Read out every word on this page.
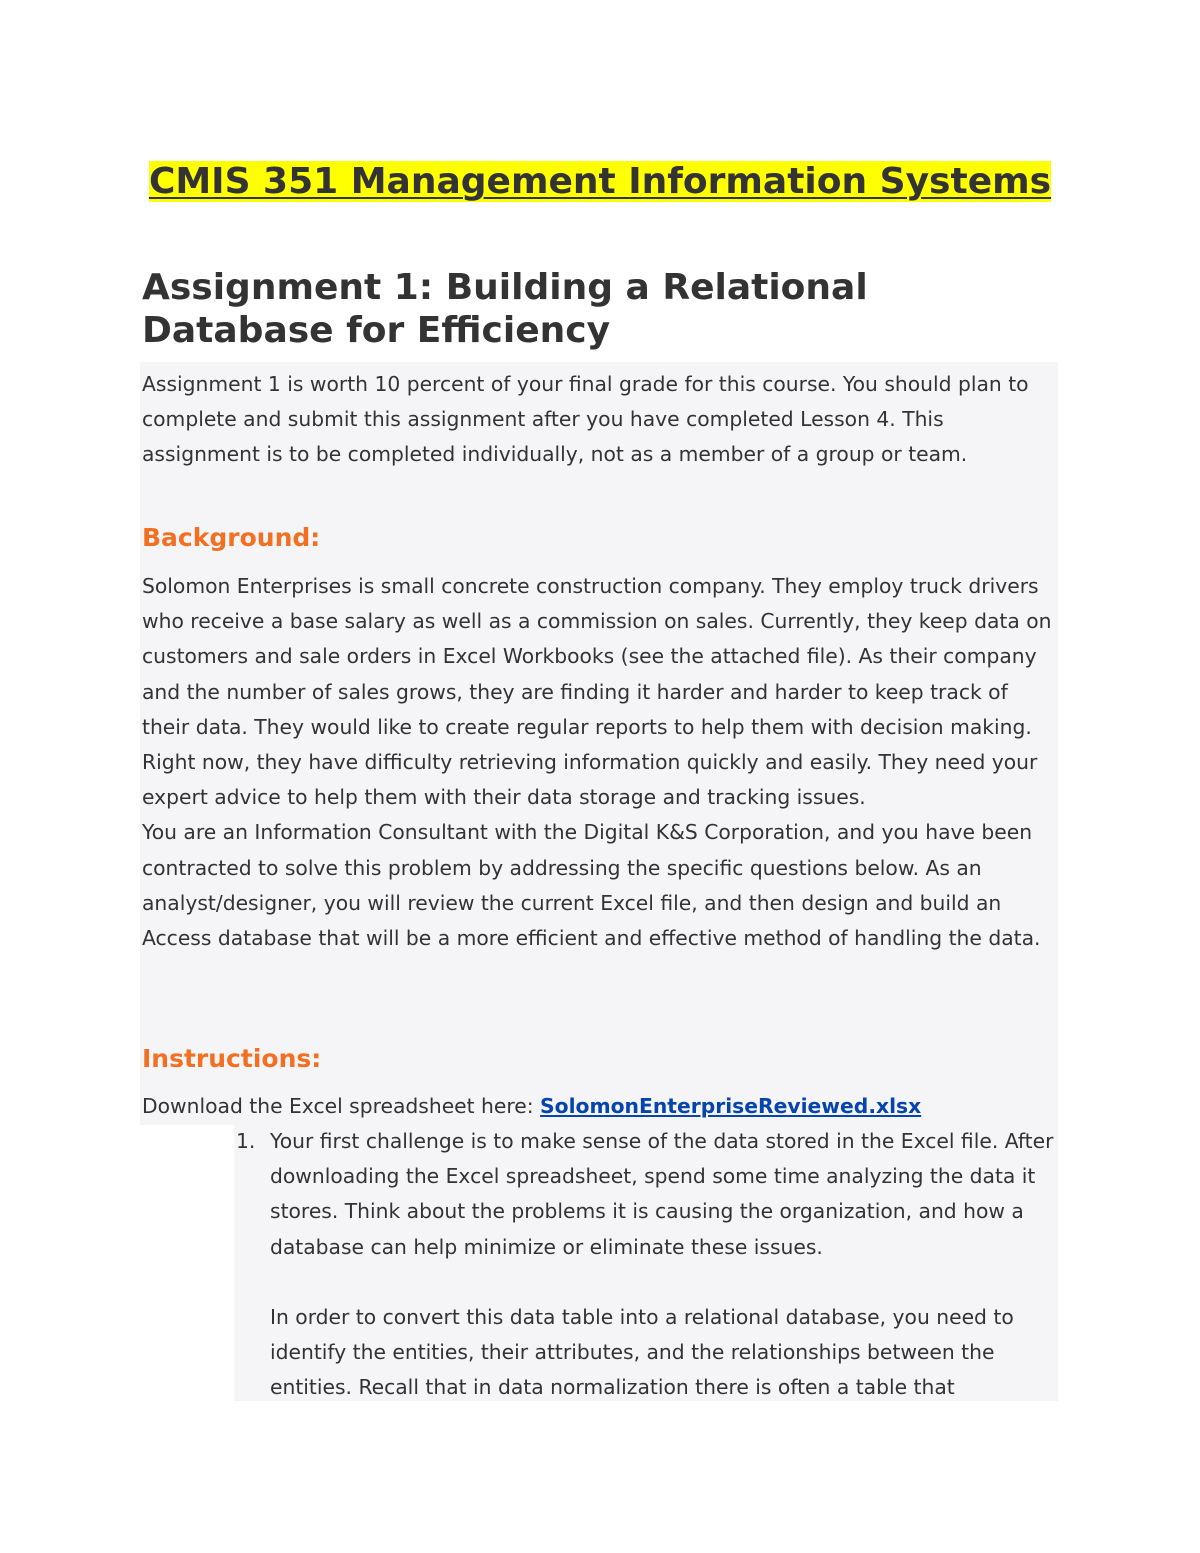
CMIS 351 Management Information Systems
Assignment 1: Building a Relational Database for Efficiency

Assignment 1 is worth 10 percent of your final grade for this course. You should plan to complete and submit this assignment after you have completed Lesson 4. This assignment is to be completed individually, not as a member of a group or team.

Background:

Solomon Enterprises is small concrete construction company. They employ truck drivers who receive a base salary as well as a commission on sales. Currently, they keep data on customers and sale orders in Excel Workbooks (see the attached file). As their company and the number of sales grows, they are finding it harder and harder to keep track of their data. They would like to create regular reports to help them with decision making. Right now, they have difficulty retrieving information quickly and easily. They need your expert advice to help them with their data storage and tracking issues.

You are an Information Consultant with the Digital K&S Corporation, and you have been contracted to solve this problem by addressing the specific questions below. As an analyst/designer, you will review the current Excel file, and then design and build an Access database that will be a more efficient and effective method of handling the data.

Instructions:
Download the Excel spreadsheet here: SolomonEnterpriseReviewed.xlsx
1. Your first challenge is to make sense of the data stored in the Excel file. After downloading the Excel spreadsheet, spend some time analyzing the data it stores. Think about the problems it is causing the organization, and how a database can help minimize or eliminate these issues.

In order to convert this data table into a relational database, you need to identify the entities, their attributes, and the relationships between the entities. Recall that in data normalization there is often a table that
